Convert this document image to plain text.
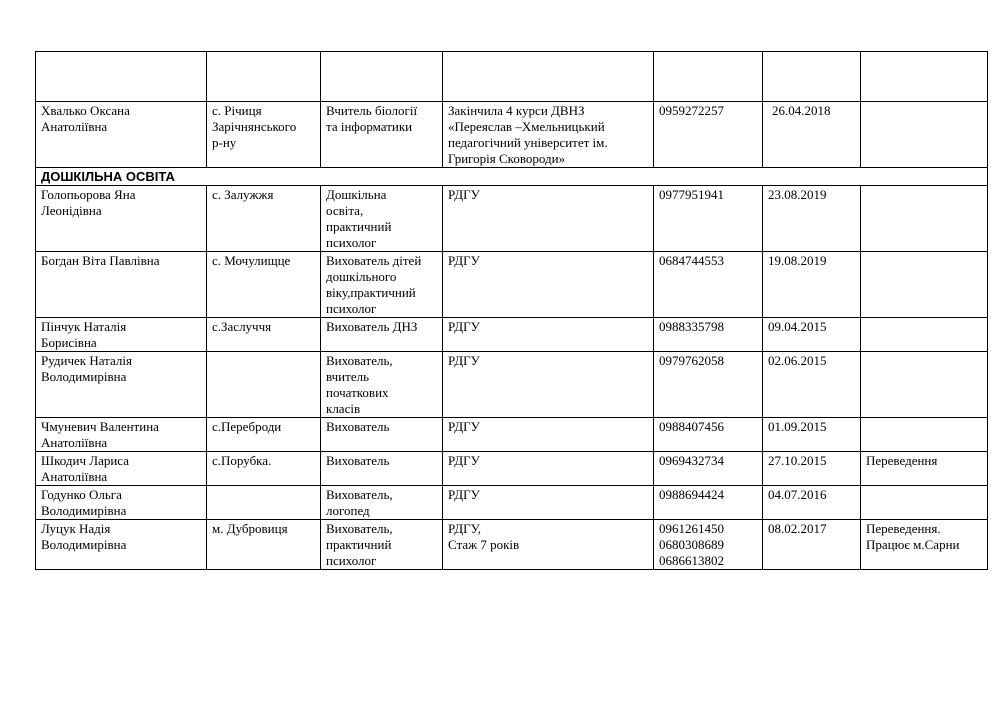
Хвалько Оксана
Анатоліївна	с. Річиця
Зарічнянського
р-ну	Вчитель біології
та інформатики	Закінчила 4 курси ДВНЗ
«Переяслав –Хмельницький
педагогічний університет ім.
Григорія Сковороди»	0959272257	26.04.2018	

ДОШКІЛЬНА ОСВІТА						

Голопьорова Яна
Леонідівна	с. Залужжя	Дошкільна
освіта,
практичний
психолог	РДГУ	0977951941	23.08.2019	

Богдан Віта Павлівна	с. Мочулищце	Вихователь дітей
дошкільного
віку,практичний
психолог	РДГУ	0684744553	19.08.2019	

Пінчук Наталія
Борисівна	с.Заслуччя	Вихователь ДНЗ	РДГУ	0988335798	09.04.2015	

Рудичек Наталія
Володимирівна		Вихователь,
вчитель
початкових
класів	РДГУ	0979762058	02.06.2015	

Чмуневич Валентина
Анатоліївна	с.Переброди	Вихователь	РДГУ	0988407456	01.09.2015	

Шкодич Лариса
Анатоліївна	с.Порубка.	Вихователь	РДГУ	0969432734	27.10.2015	Переведення

Годунко Ольга
Володимирівна		Вихователь,
логопед	РДГУ	0988694424	04.07.2016	

Луцук Надія
Володимирівна	м. Дубровиця	Вихователь,
практичний
психолог	РДГУ,
Стаж 7 років	0961261450
0680308689
0686613802	08.02.2017	Переведення.
Працює м.Сарни
